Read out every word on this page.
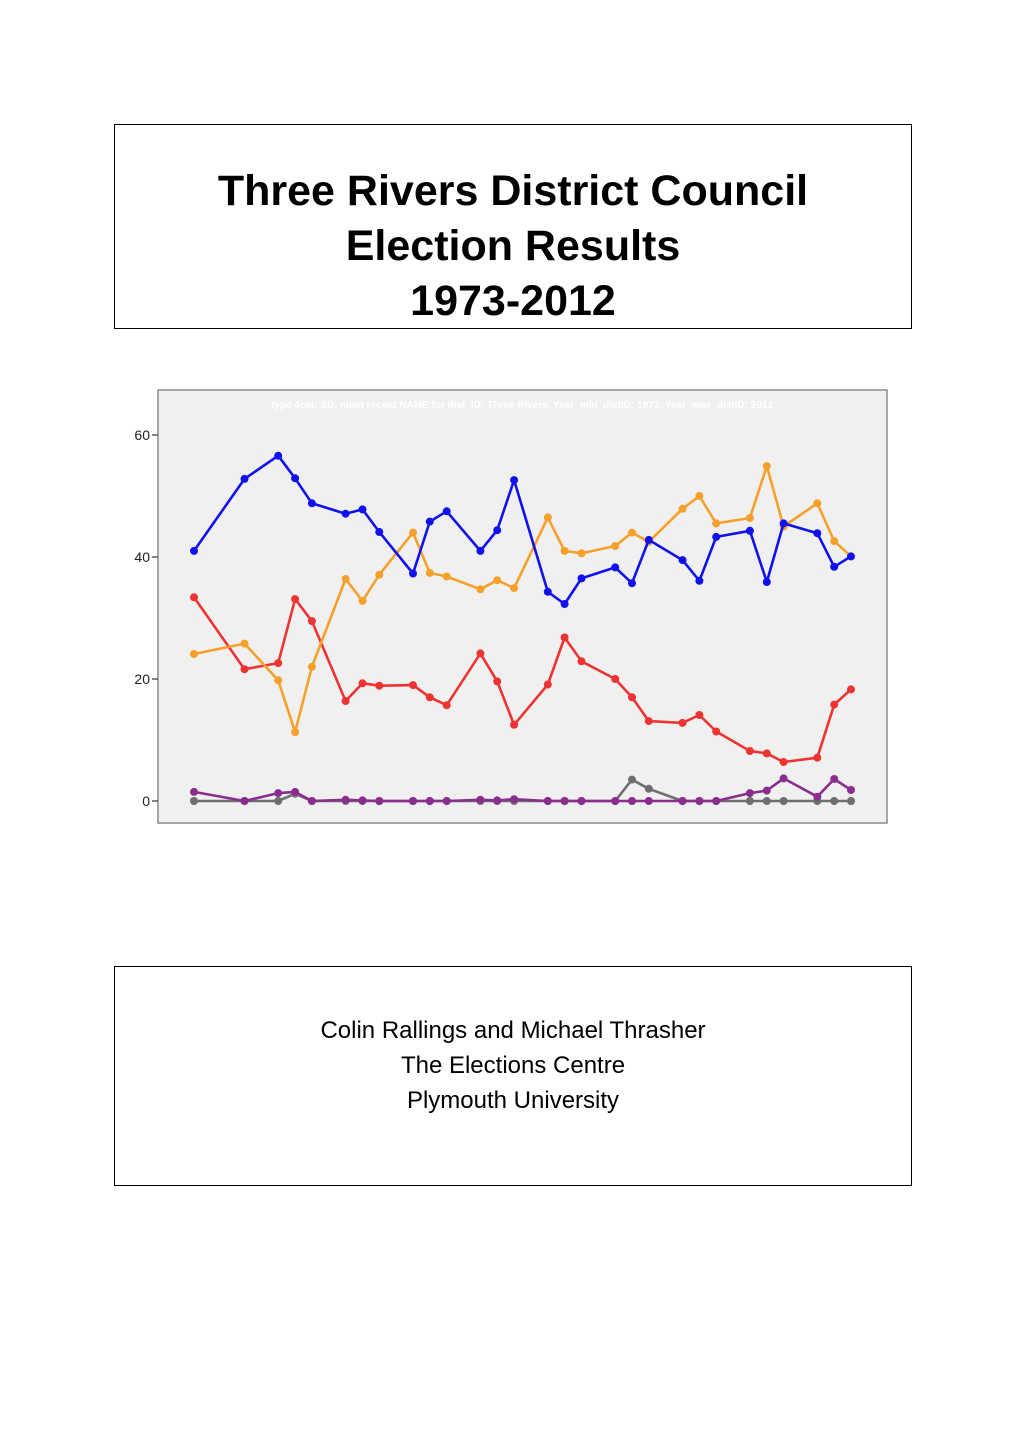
Three Rivers District Council
Election Results
1973-2012
type 4cat: SD, most recent NAME for dist_ID: Three Rivers, Year_min_distID: 1973, Year_max_distID: 2012
0
20
40
60
Colin Rallings and Michael Thrasher
The Elections Centre
Plymouth University
